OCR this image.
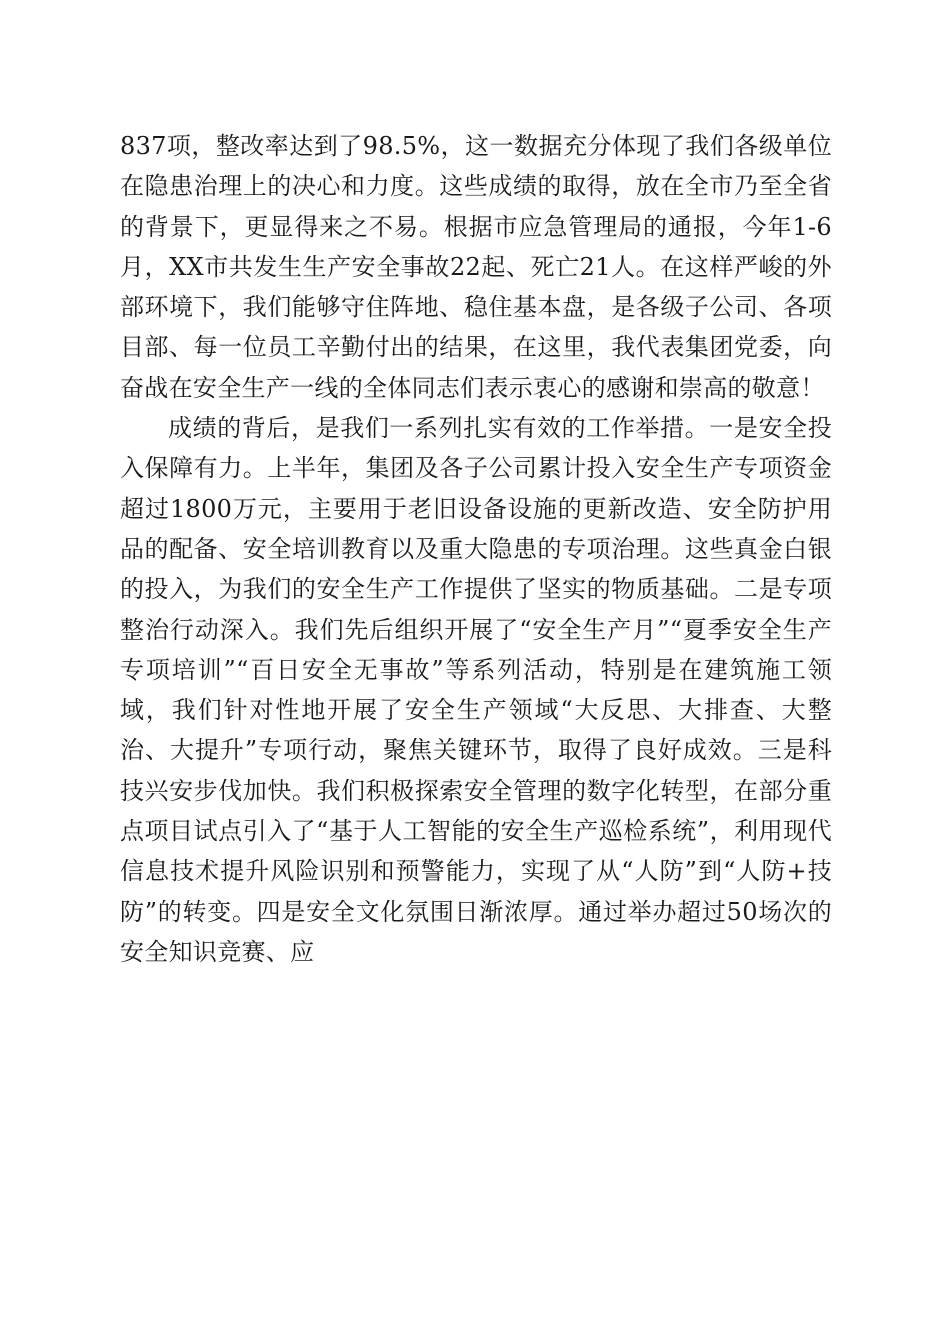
837项，整改率达到了98.5%，这一数据充分体现了我们各级单位在隐患治理上的决心和力度。这些成绩的取得，放在全市乃至全省的背景下，更显得来之不易。根据市应急管理局的通报，今年1-6月，XX市共发生生产安全事故22起、死亡21人。在这样严峻的外部环境下，我们能够守住阵地、稳住基本盘，是各级子公司、各项目部、每一位员工辛勤付出的结果，在这里，我代表集团党委，向奋战在安全生产一线的全体同志们表示衷心的感谢和崇高的敬意！

成绩的背后，是我们一系列扎实有效的工作举措。一是安全投入保障有力。上半年，集团及各子公司累计投入安全生产专项资金超过1800万元，主要用于老旧设备设施的更新改造、安全防护用品的配备、安全培训教育以及重大隐患的专项治理。这些真金白银的投入，为我们的安全生产工作提供了坚实的物质基础。二是专项整治行动深入。我们先后组织开展了“安全生产月”“夏季安全生产专项培训”“百日安全无事故”等系列活动，特别是在建筑施工领域，我们针对性地开展了安全生产领域“大反思、大排查、大整治、大提升”专项行动，聚焦关键环节，取得了良好成效。三是科技兴安步伐加快。我们积极探索安全管理的数字化转型，在部分重点项目试点引入了“基于人工智能的安全生产巡检系统”，利用现代信息技术提升风险识别和预警能力，实现了从“人防”到“人防+技防”的转变。四是安全文化氛围日渐浓厚。通过举办超过50场次的安全知识竞赛、应
